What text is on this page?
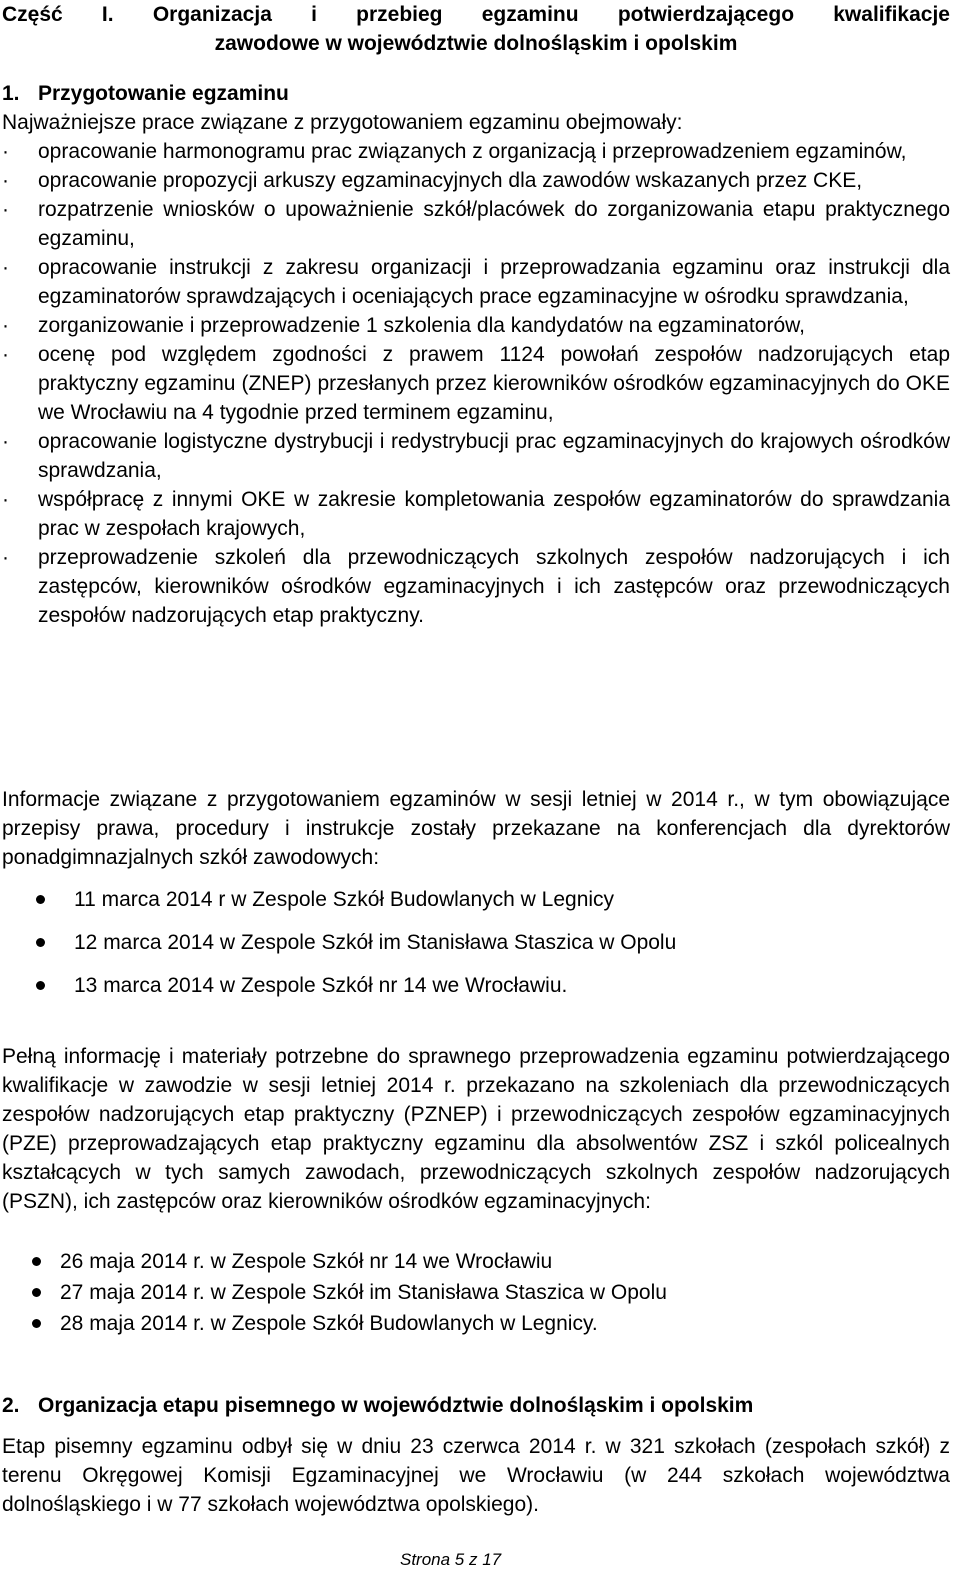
Część I. Organizacja i przebieg egzaminu potwierdzającego kwalifikacje
zawodowe w województwie dolnośląskim i opolskim
1. Przygotowanie egzaminu

Najważniejsze prace związane z przygotowaniem egzaminu obejmowały:

·	opracowanie harmonogramu prac związanych z organizacją i przeprowadzeniem egzaminów,
·	opracowanie propozycji arkuszy egzaminacyjnych dla zawodów wskazanych przez CKE,
·	rozpatrzenie wniosków o upoważnienie szkół/placówek do zorganizowania etapu praktycznego egzaminu,
·	opracowanie instrukcji z zakresu organizacji i przeprowadzania egzaminu oraz instrukcji dla egzaminatorów sprawdzających i oceniających prace egzaminacyjne w ośrodku sprawdzania,
·	zorganizowanie i przeprowadzenie 1 szkolenia dla kandydatów na egzaminatorów,
·	ocenę pod względem zgodności z prawem 1124 powołań zespołów nadzorujących etap praktyczny egzaminu (ZNEP) przesłanych przez kierowników ośrodków egzaminacyjnych do OKE we Wrocławiu na 4 tygodnie przed terminem egzaminu,
·	opracowanie logistyczne dystrybucji i redystrybucji prac egzaminacyjnych do krajowych ośrodków sprawdzania,
·	współpracę z innymi OKE w zakresie kompletowania zespołów egzaminatorów do sprawdzania prac w zespołach krajowych,
·	przeprowadzenie szkoleń dla przewodniczących szkolnych zespołów nadzorujących i ich zastępców, kierowników ośrodków egzaminacyjnych i ich zastępców oraz przewodniczących zespołów nadzorujących etap praktyczny.

Informacje związane z przygotowaniem egzaminów w sesji letniej w 2014 r., w tym obowiązujące przepisy prawa, procedury i instrukcje zostały przekazane na konferencjach dla dyrektorów ponadgimnazjalnych szkół zawodowych:

11 marca 2014 r w Zespole Szkół Budowlanych w Legnicy
12 marca 2014 w Zespole Szkół im Stanisława Staszica w Opolu
13 marca 2014 w Zespole Szkół nr 14 we Wrocławiu.

Pełną informację i materiały potrzebne do sprawnego przeprowadzenia egzaminu potwierdzającego kwalifikacje w zawodzie w sesji letniej 2014 r. przekazano na szkoleniach dla przewodniczących zespołów nadzorujących etap praktyczny (PZNEP) i przewodniczących zespołów egzaminacyjnych (PZE) przeprowadzających etap praktyczny egzaminu dla absolwentów ZSZ i szkól policealnych kształcących w tych samych zawodach, przewodniczących szkolnych zespołów nadzorujących (PSZN), ich zastępców oraz kierowników ośrodków egzaminacyjnych:

26 maja 2014 r. w Zespole Szkół nr 14 we Wrocławiu
27 maja 2014 r. w Zespole Szkół im Stanisława Staszica w Opolu
28 maja 2014 r. w Zespole Szkół Budowlanych w Legnicy.
2. Organizacja etapu pisemnego w województwie dolnośląskim i opolskim

Etap pisemny egzaminu odbył się w dniu 23 czerwca 2014 r. w 321 szkołach (zespołach szkół) z terenu Okręgowej Komisji Egzaminacyjnej we Wrocławiu (w 244 szkołach województwa dolnośląskiego i w 77 szkołach województwa opolskiego).

Strona 5 z 17
